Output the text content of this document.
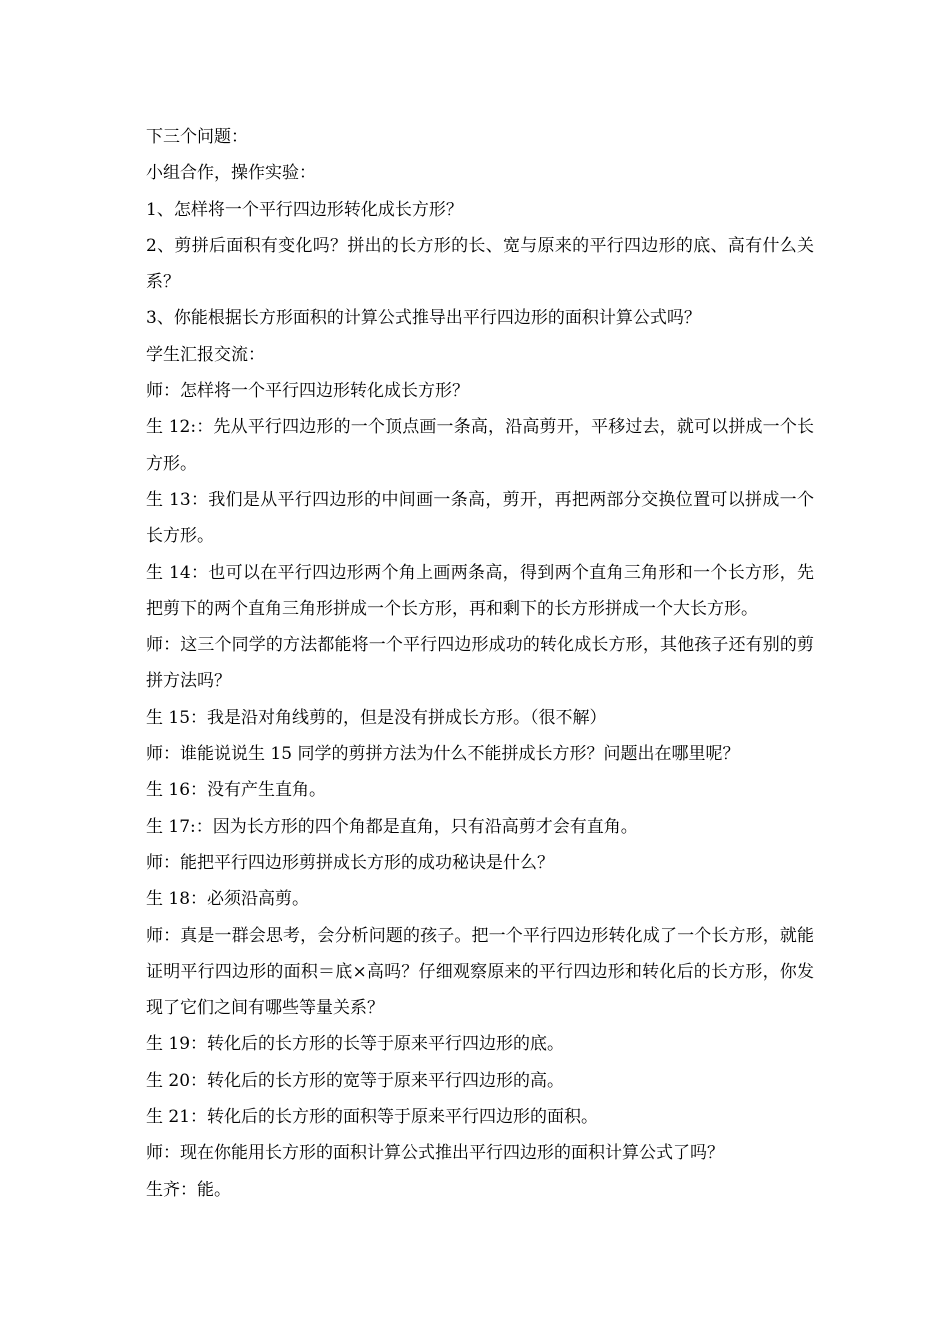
下三个问题：

小组合作，操作实验：

1、怎样将一个平行四边形转化成长方形？

2、剪拼后面积有变化吗？拼出的长方形的长、宽与原来的平行四边形的底、高有什么关系？

3、你能根据长方形面积的计算公式推导出平行四边形的面积计算公式吗？

学生汇报交流：

师：怎样将一个平行四边形转化成长方形？

生 12:：先从平行四边形的一个顶点画一条高，沿高剪开，平移过去，就可以拼成一个长方形。

生 13：我们是从平行四边形的中间画一条高，剪开，再把两部分交换位置可以拼成一个长方形。

生 14：也可以在平行四边形两个角上画两条高，得到两个直角三角形和一个长方形，先把剪下的两个直角三角形拼成一个长方形，再和剩下的长方形拼成一个大长方形。

师：这三个同学的方法都能将一个平行四边形成功的转化成长方形，其他孩子还有别的剪拼方法吗？

生 15：我是沿对角线剪的，但是没有拼成长方形。（很不解）

师：谁能说说生 15 同学的剪拼方法为什么不能拼成长方形？问题出在哪里呢？

生 16：没有产生直角。

生 17:：因为长方形的四个角都是直角，只有沿高剪才会有直角。

师：能把平行四边形剪拼成长方形的成功秘诀是什么？

生 18：必须沿高剪。

师：真是一群会思考，会分析问题的孩子。把一个平行四边形转化成了一个长方形，就能证明平行四边形的面积＝底×高吗？仔细观察原来的平行四边形和转化后的长方形，你发现了它们之间有哪些等量关系？

生 19：转化后的长方形的长等于原来平行四边形的底。

生 20：转化后的长方形的宽等于原来平行四边形的高。

生 21：转化后的长方形的面积等于原来平行四边形的面积。

师：现在你能用长方形的面积计算公式推出平行四边形的面积计算公式了吗？

生齐：能。
